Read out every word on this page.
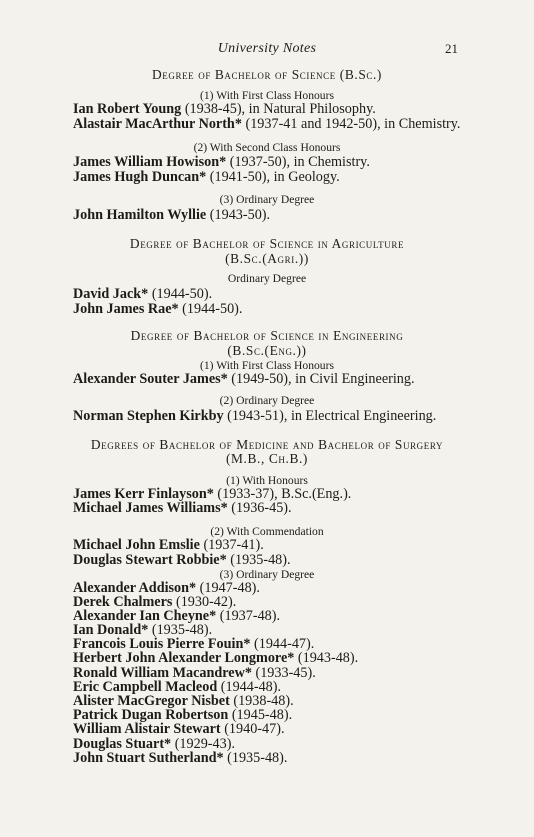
University Notes	21
Degree of Bachelor of Science (B.Sc.)
(1) With First Class Honours
Ian Robert Young (1938-45), in Natural Philosophy.
Alastair MacArthur North* (1937-41 and 1942-50), in Chemistry.
(2) With Second Class Honours
James William Howison* (1937-50), in Chemistry.
James Hugh Duncan* (1941-50), in Geology.
(3) Ordinary Degree
John Hamilton Wyllie (1943-50).
Degree of Bachelor of Science in Agriculture
(B.Sc.(Agri.))
Ordinary Degree
David Jack* (1944-50).
John James Rae* (1944-50).
Degree of Bachelor of Science in Engineering
(B.Sc.(Eng.))
(1) With First Class Honours
Alexander Souter James* (1949-50), in Civil Engineering.
(2) Ordinary Degree
Norman Stephen Kirkby (1943-51), in Electrical Engineering.
Degrees of Bachelor of Medicine and Bachelor of Surgery
(M.B., Ch.B.)
(1) With Honours
James Kerr Finlayson* (1933-37), B.Sc.(Eng.).
Michael James Williams* (1936-45).
(2) With Commendation
Michael John Emslie (1937-41).
Douglas Stewart Robbie* (1935-48).
(3) Ordinary Degree
Alexander Addison* (1947-48).
Derek Chalmers (1930-42).
Alexander Ian Cheyne* (1937-48).
Ian Donald* (1935-48).
Francois Louis Pierre Fouin* (1944-47).
Herbert John Alexander Longmore* (1943-48).
Ronald William Macandrew* (1933-45).
Eric Campbell Macleod (1944-48).
Alister MacGregor Nisbet (1938-48).
Patrick Dugan Robertson (1945-48).
William Alistair Stewart (1940-47).
Douglas Stuart* (1929-43).
John Stuart Sutherland* (1935-48).
